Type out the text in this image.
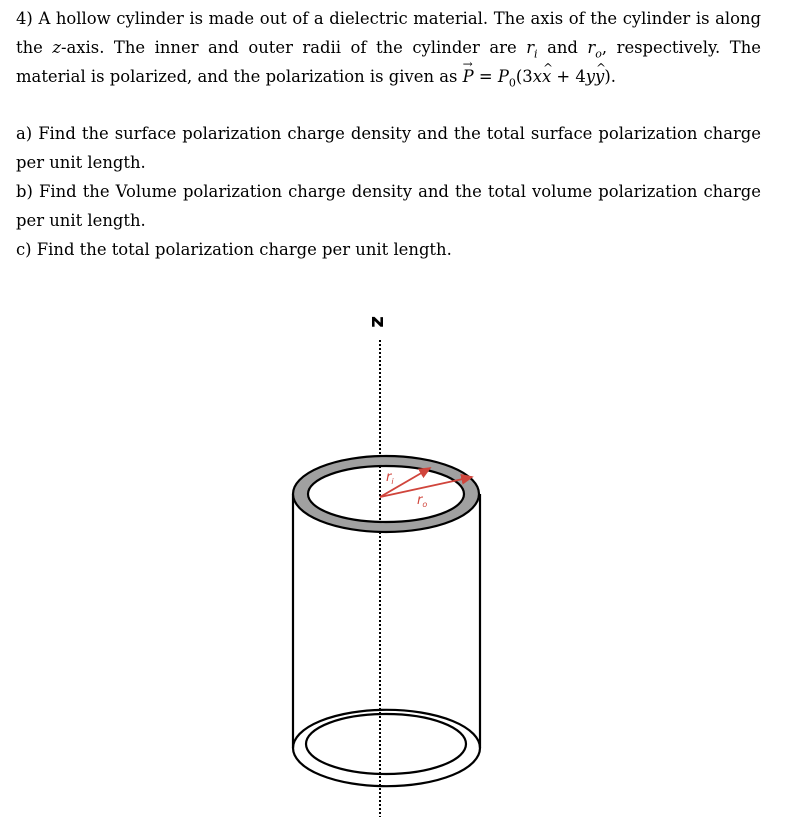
4) A hollow cylinder is made out of a dielectric material. The axis of the cylinder is along the z-axis. The inner and outer radii of the cylinder are $r_i$ and $r_o$, respectively. The material is polarized, and the polarization is given as → $P = P_0(3x\^{}$ x + 4y^ y).

a) Find the surface polarization charge density and the total surface polarization charge per unit length.

b) Find the Volume polarization charge density and the total volume polarization charge per unit length.

c) Find the total polarization charge per unit length.

z
$r_i$
$r_o$
